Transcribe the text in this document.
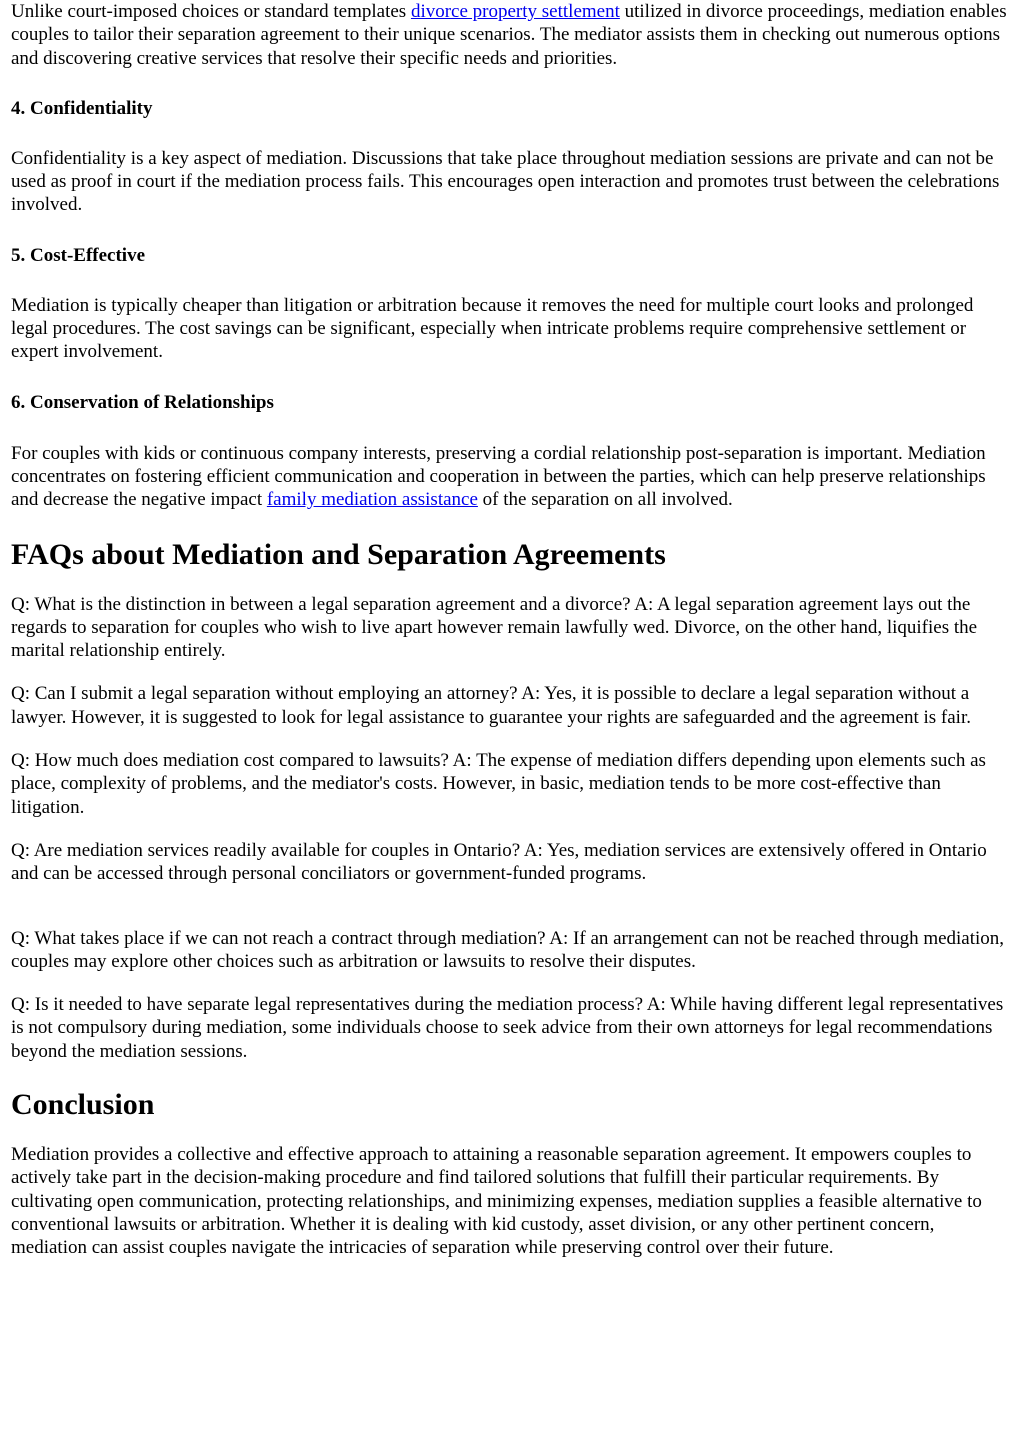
Unlike court-imposed choices or standard templates divorce property settlement utilized in divorce proceedings, mediation enables couples to tailor their separation agreement to their unique scenarios. The mediator assists them in checking out numerous options and discovering creative services that resolve their specific needs and priorities.

4. Confidentiality

Confidentiality is a key aspect of mediation. Discussions that take place throughout mediation sessions are private and can not be used as proof in court if the mediation process fails. This encourages open interaction and promotes trust between the celebrations involved.

5. Cost-Effective

Mediation is typically cheaper than litigation or arbitration because it removes the need for multiple court looks and prolonged legal procedures. The cost savings can be significant, especially when intricate problems require comprehensive settlement or expert involvement.

6. Conservation of Relationships

For couples with kids or continuous company interests, preserving a cordial relationship post-separation is important. Mediation concentrates on fostering efficient communication and cooperation in between the parties, which can help preserve relationships and decrease the negative impact family mediation assistance of the separation on all involved.

FAQs about Mediation and Separation Agreements

Q: What is the distinction in between a legal separation agreement and a divorce? A: A legal separation agreement lays out the regards to separation for couples who wish to live apart however remain lawfully wed. Divorce, on the other hand, liquifies the marital relationship entirely.

Q: Can I submit a legal separation without employing an attorney? A: Yes, it is possible to declare a legal separation without a lawyer. However, it is suggested to look for legal assistance to guarantee your rights are safeguarded and the agreement is fair.

Q: How much does mediation cost compared to lawsuits? A: The expense of mediation differs depending upon elements such as place, complexity of problems, and the mediator's costs. However, in basic, mediation tends to be more cost-effective than litigation.

Q: Are mediation services readily available for couples in Ontario? A: Yes, mediation services are extensively offered in Ontario and can be accessed through personal conciliators or government-funded programs.

Q: What takes place if we can not reach a contract through mediation? A: If an arrangement can not be reached through mediation, couples may explore other choices such as arbitration or lawsuits to resolve their disputes.

Q: Is it needed to have separate legal representatives during the mediation process? A: While having different legal representatives is not compulsory during mediation, some individuals choose to seek advice from their own attorneys for legal recommendations beyond the mediation sessions.

Conclusion

Mediation provides a collective and effective approach to attaining a reasonable separation agreement. It empowers couples to actively take part in the decision-making procedure and find tailored solutions that fulfill their particular requirements. By cultivating open communication, protecting relationships, and minimizing expenses, mediation supplies a feasible alternative to conventional lawsuits or arbitration. Whether it is dealing with kid custody, asset division, or any other pertinent concern, mediation can assist couples navigate the intricacies of separation while preserving control over their future.
